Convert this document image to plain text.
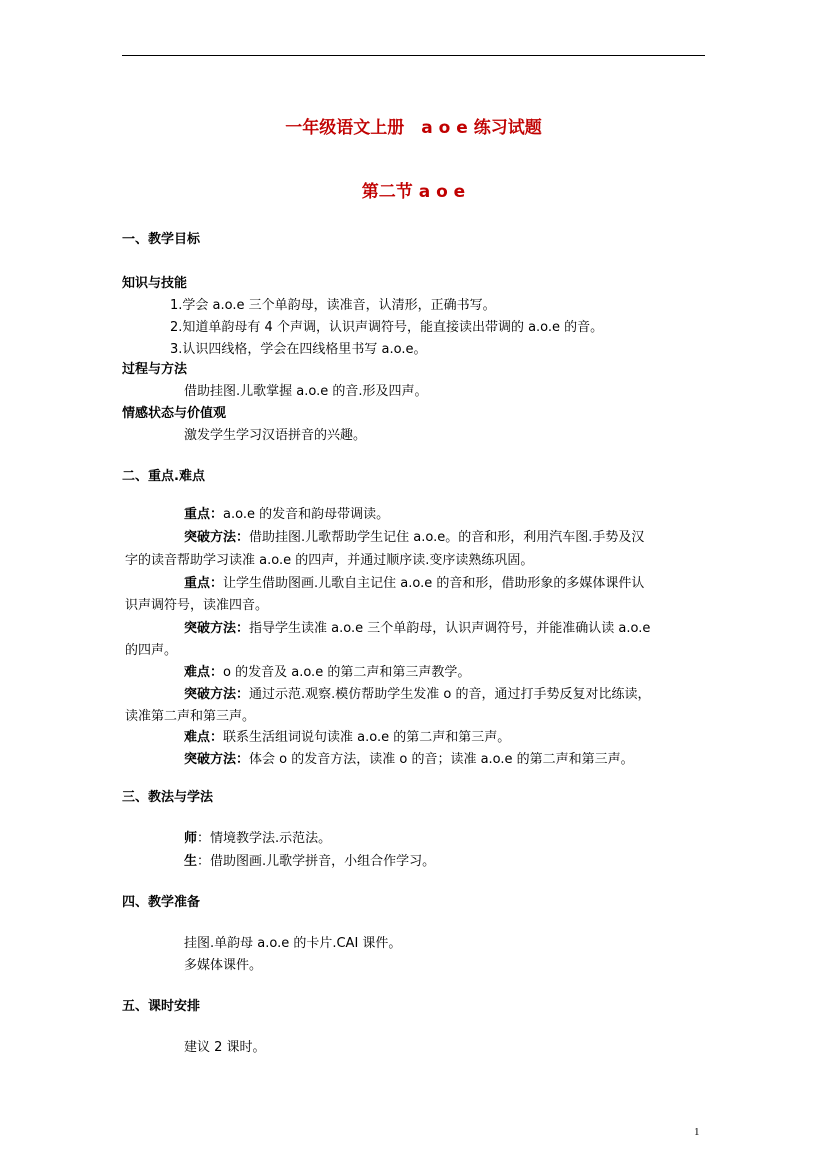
一年级语文上册　a o e 练习试题
第二节 a o e
一、教学目标
知识与技能
1.学会 a.o.e 三个单韵母，读准音，认清形，正确书写。
2.知道单韵母有 4 个声调，认识声调符号，能直接读出带调的 a.o.e 的音。
3.认识四线格，学会在四线格里书写 a.o.e。
过程与方法
借助挂图.儿歌掌握 a.o.e 的音.形及四声。
情感状态与价值观
激发学生学习汉语拼音的兴趣。
二、重点.难点
重点：a.o.e 的发音和韵母带调读。
突破方法：借助挂图.儿歌帮助学生记住 a.o.e。的音和形，利用汽车图.手势及汉
字的读音帮助学习读准 a.o.e 的四声，并通过顺序读.变序读熟练巩固。
重点：让学生借助图画.儿歌自主记住 a.o.e 的音和形，借助形象的多媒体课件认
识声调符号，读准四音。
突破方法：指导学生读准 a.o.e 三个单韵母，认识声调符号，并能准确认读 a.o.e
的四声。
难点：o 的发音及 a.o.e 的第二声和第三声教学。
突破方法：通过示范.观察.模仿帮助学生发准 o 的音，通过打手势反复对比练读，
读准第二声和第三声。
难点：联系生活组词说句读准 a.o.e 的第二声和第三声。
突破方法：体会 o 的发音方法，读准 o 的音；读准 a.o.e 的第二声和第三声。
三、教法与学法
师：情境教学法.示范法。
生：借助图画.儿歌学拼音，小组合作学习。
四、教学准备
挂图.单韵母 a.o.e 的卡片.CAI 课件。
多媒体课件。
五、课时安排
建议 2 课时。
1
